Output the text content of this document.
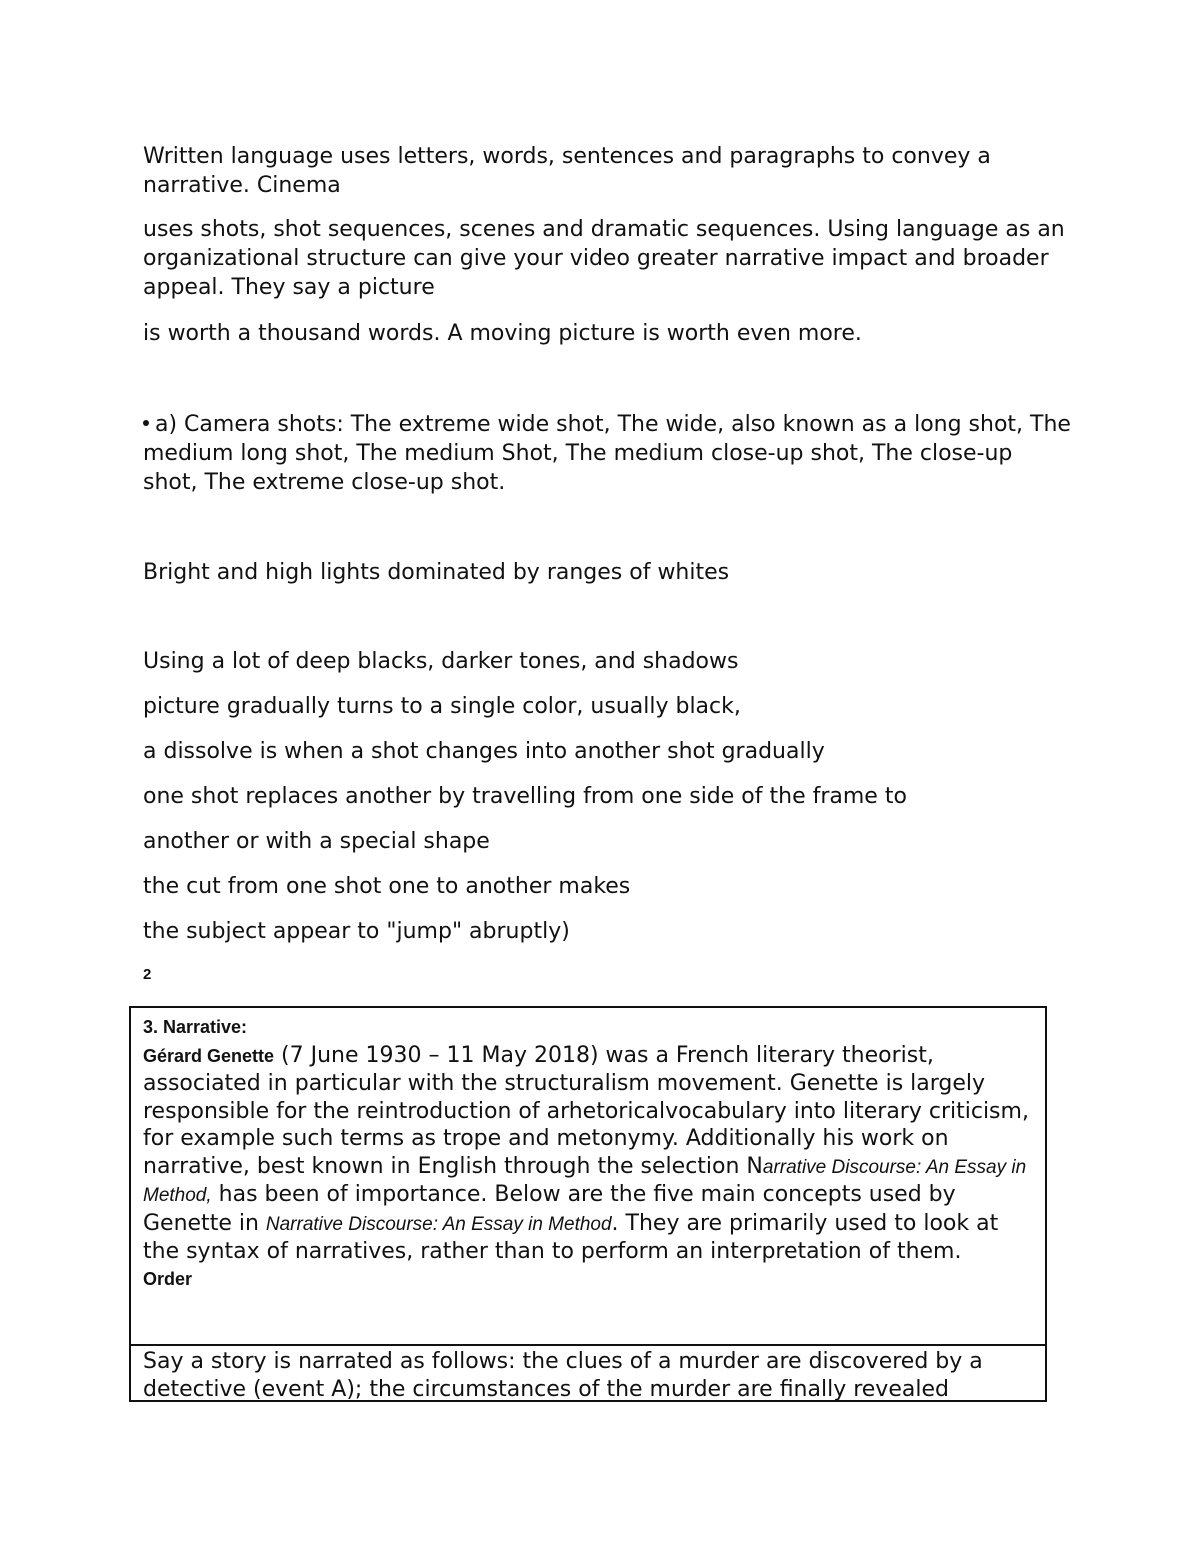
Written language uses letters, words, sentences and paragraphs to convey a narrative. Cinema

uses shots, shot sequences, scenes and dramatic sequences. Using language as an organizational structure can give your video greater narrative impact and broader appeal. They say a picture

is worth a thousand words. A moving picture is worth even more.

a) Camera shots: The extreme wide shot, The wide, also known as a long shot, The medium long shot, The medium Shot, The medium close-up shot, The close-up shot, The extreme close-up shot.

Bright and high lights dominated by ranges of whites

Using a lot of deep blacks, darker tones, and shadows

picture gradually turns to a single color, usually black,

a dissolve is when a shot changes into another shot gradually

one shot replaces another by travelling from one side of the frame to

another or with a special shape

the cut from one shot one to another makes

the subject appear to "jump" abruptly)

2
3. Narrative:
Gérard Genette (7 June 1930 – 11 May 2018) was a French literary theorist, associated in particular with the structuralism movement. Genette is largely responsible for the reintroduction of arhetoricalvocabulary into literary criticism, for example such terms as trope and metonymy. Additionally his work on narrative, best known in English through the selection Narrative Discourse: An Essay in Method, has been of importance. Below are the five main concepts used by Genette in Narrative Discourse: An Essay in Method. They are primarily used to look at the syntax of narratives, rather than to perform an interpretation of them.
Order
Say a story is narrated as follows: the clues of a murder are discovered by a detective (event A); the circumstances of the murder are finally revealed
